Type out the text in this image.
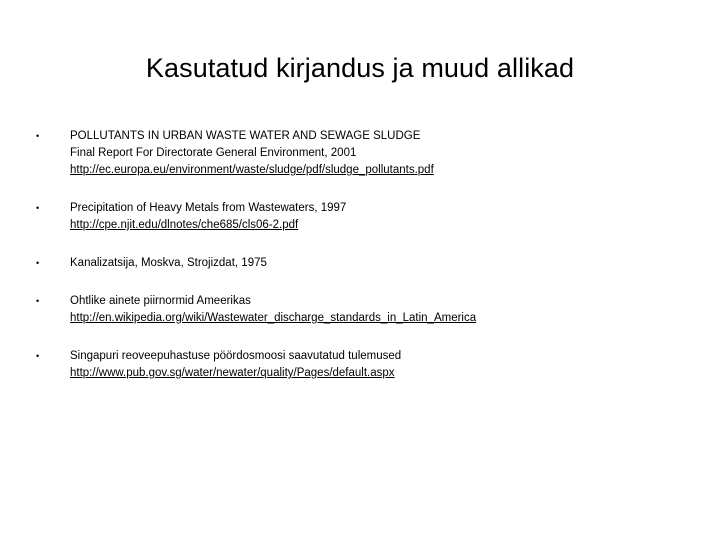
Kasutatud kirjandus ja muud allikad
•	POLLUTANTS IN URBAN WASTE WATER AND SEWAGE SLUDGE
Final Report For Directorate General Environment, 2001
http://ec.europa.eu/environment/waste/sludge/pdf/sludge_pollutants.pdf
•	Precipitation of Heavy Metals from Wastewaters, 1997
http://cpe.njit.edu/dlnotes/che685/cls06-2.pdf
•	Kanalizatsija, Moskva, Strojizdat, 1975
•	Ohtlike ainete piirnormid Ameerikas
http://en.wikipedia.org/wiki/Wastewater_discharge_standards_in_Latin_America
•	Singapuri reoveepuhastuse pöördosmoosi saavutatud tulemused
http://www.pub.gov.sg/water/newater/quality/Pages/default.aspx
